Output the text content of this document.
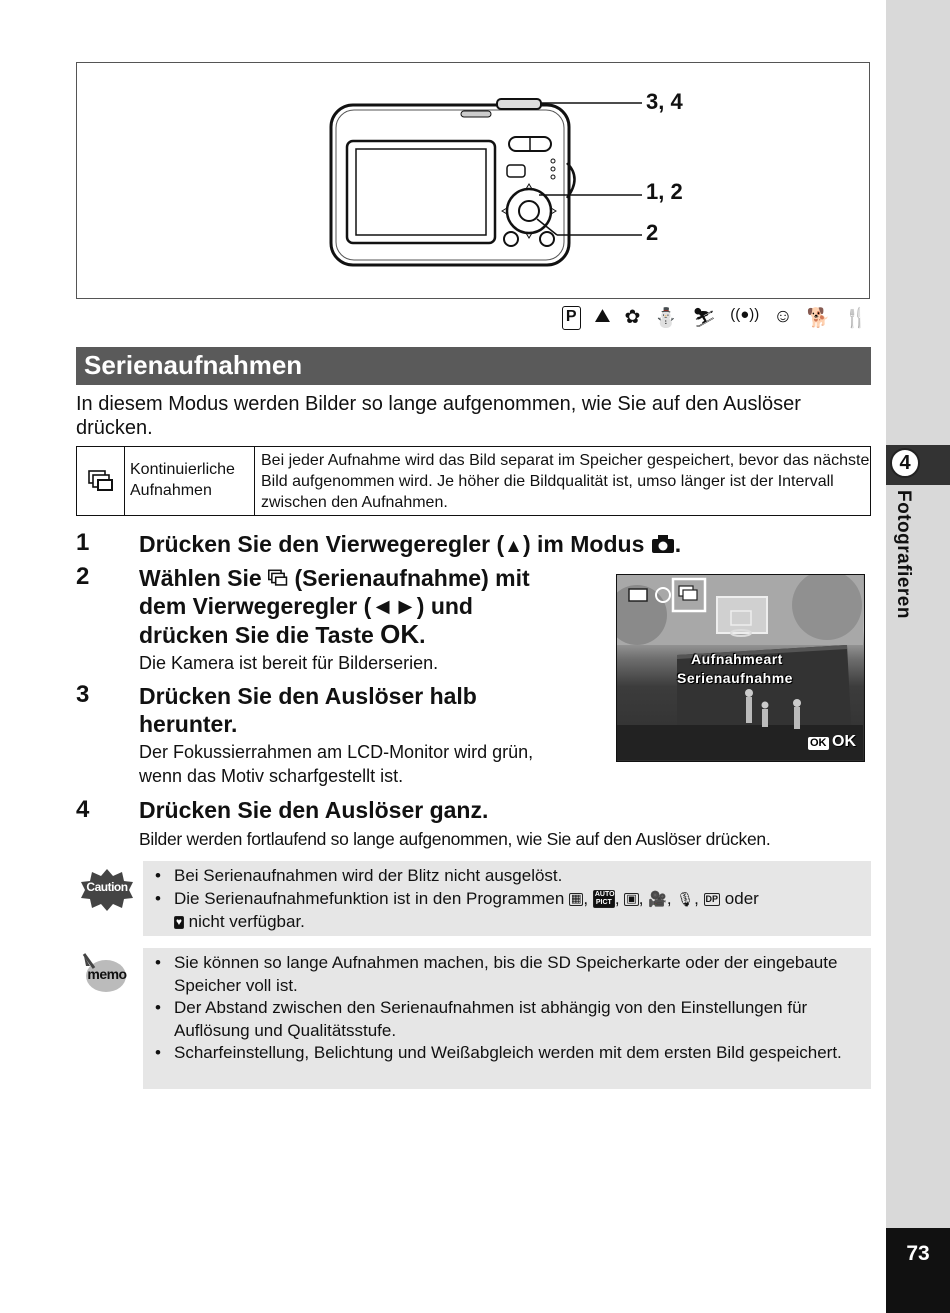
4
Fotografieren
73
3, 4
1, 2
2
P ⛰ ✿ ⛄ ⛷ ((●)) ☺ 🐕 🍴
Serienaufnahmen
In diesem Modus werden Bilder so lange aufgenommen, wie Sie auf den Auslöser drücken.
Kontinuierliche
Aufnahmen
Bei jeder Aufnahme wird das Bild separat im Speicher gespeichert, bevor das nächste Bild aufgenommen wird. Je höher die Bildqualität ist, umso länger ist der Intervall zwischen den Aufnahmen.
1 Drücken Sie den Vierwegeregler (▲) im Modus .
2 Wählen Sie  (Serienaufnahme) mit
dem Vierwegeregler (◄►) und
drücken Sie die Taste OK.
Die Kamera ist bereit für Bilderserien.
3 Drücken Sie den Auslöser halb
herunter.
Der Fokussierrahmen am LCD-Monitor wird grün,
wenn das Motiv scharfgestellt ist.
Aufnahmeart
Serienaufnahme
OK OK
4 Drücken Sie den Auslöser ganz.
Bilder werden fortlaufend so lange aufgenommen, wie Sie auf den Auslöser drücken.
Caution
• Bei Serienaufnahmen wird der Blitz nicht ausgelöst.
• Die Serienaufnahmefunktion ist in den Programmen ▦ , AUTO PICT , ▣ , 🎥, 🎙, DP oder
♥ nicht verfügbar.
memo
• Sie können so lange Aufnahmen machen, bis die SD Speicherkarte oder der eingebaute Speicher voll ist.
• Der Abstand zwischen den Serienaufnahmen ist abhängig von den Einstellungen für Auflösung und Qualitätsstufe.
• Scharfeinstellung, Belichtung und Weißabgleich werden mit dem ersten Bild gespeichert.
